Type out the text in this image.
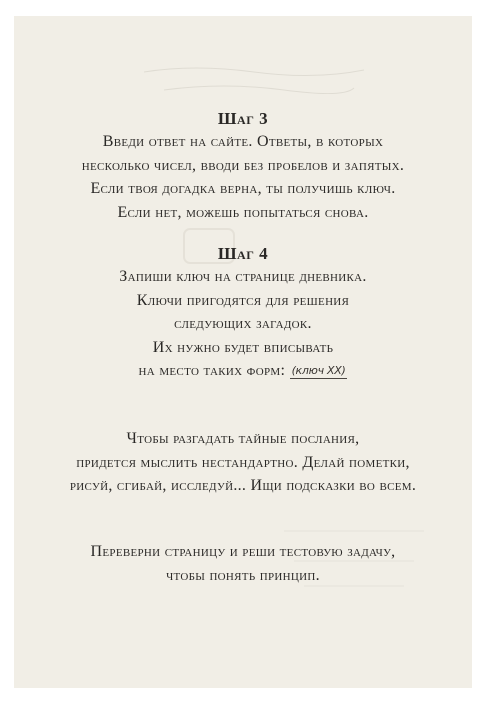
Шаг 3
Введи ответ на сайте. Ответы, в которых
несколько чисел, вводи без пробелов и запятых.
Если твоя догадка верна, ты получишь ключ.
Если нет, можешь попытаться снова.
Шаг 4
Запиши ключ на странице дневника.
Ключи пригодятся для решения
следующих загадок.
Их нужно будет вписывать
на место таких форм: (ключ XX)
Чтобы разгадать тайные послания,
придется мыслить нестандартно. Делай пометки,
рисуй, сгибай, исследуй... Ищи подсказки во всем.
Переверни страницу и реши тестовую задачу,
чтобы понять принцип.
